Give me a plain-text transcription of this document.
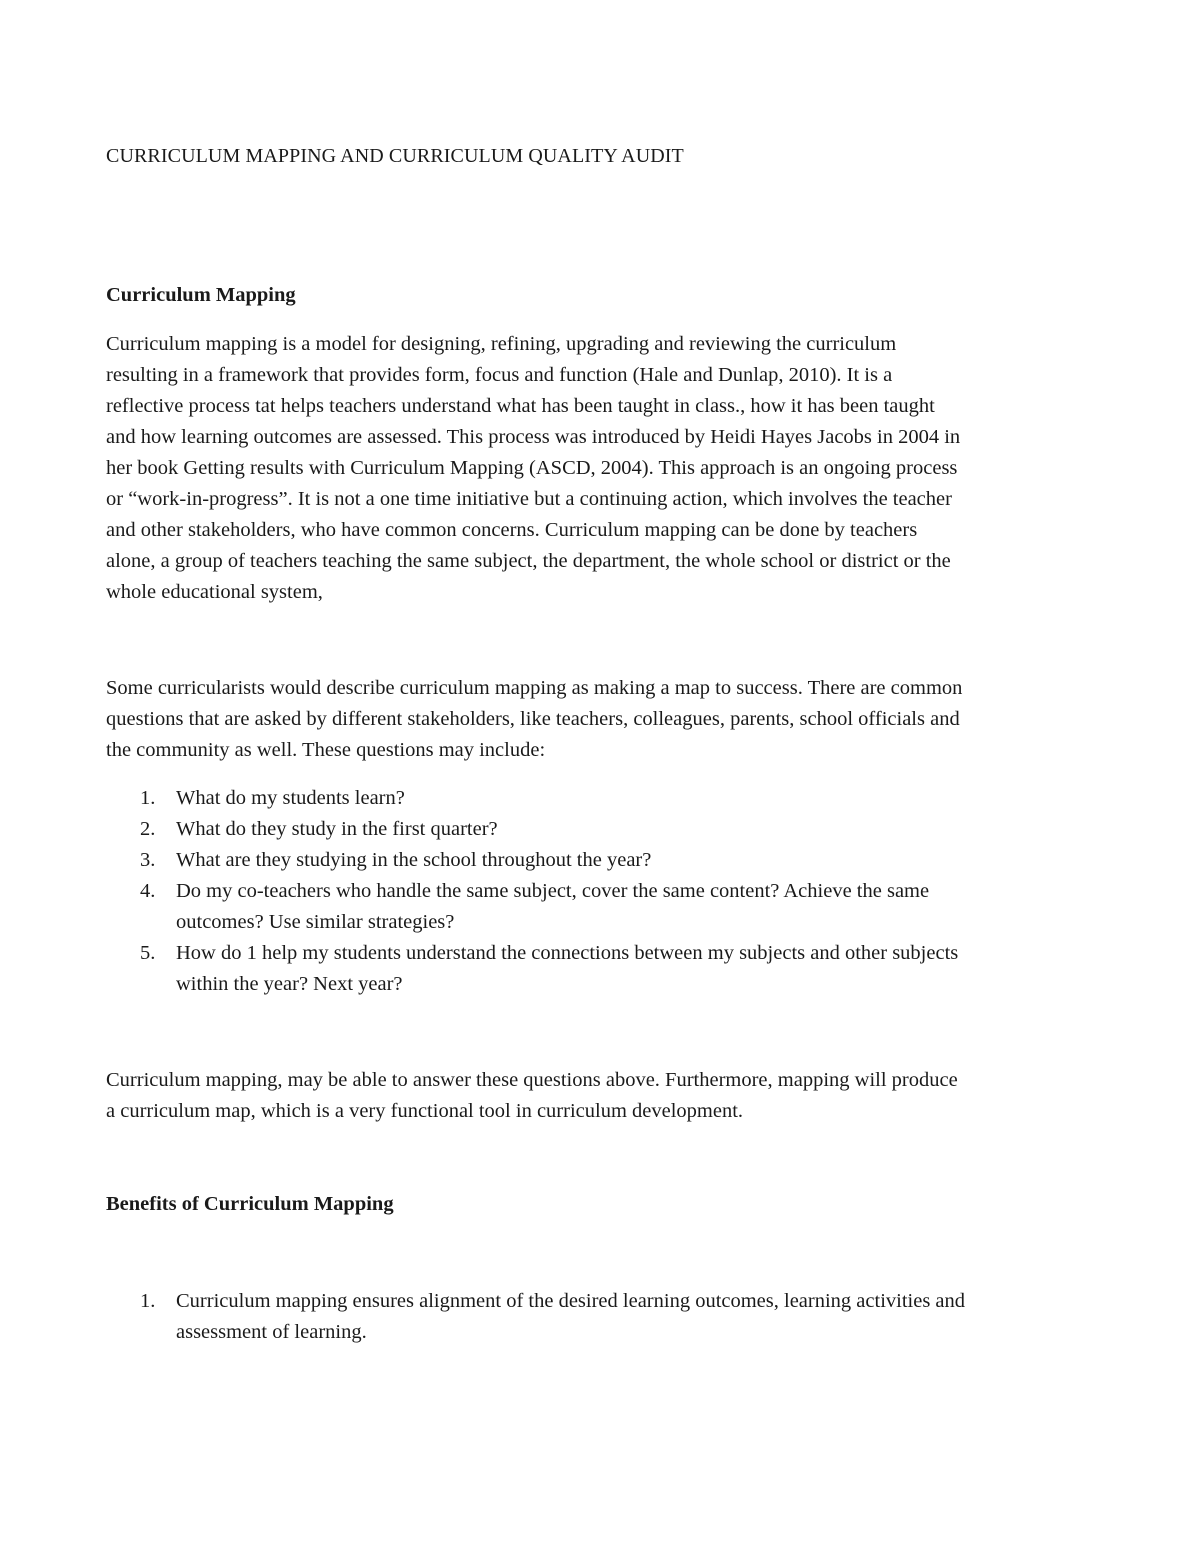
CURRICULUM MAPPING AND CURRICULUM QUALITY AUDIT
Curriculum Mapping

Curriculum mapping is a model for designing, refining, upgrading and reviewing the curriculum
resulting in a framework that provides form, focus and function (Hale and Dunlap, 2010). It is a
reflective process tat helps teachers understand what has been taught in class., how it has been taught
and how learning outcomes are assessed. This process was introduced by Heidi Hayes Jacobs in 2004 in
her book Getting results with Curriculum Mapping (ASCD, 2004). This approach is an ongoing process
or “work-in-progress”. It is not a one time initiative but a continuing action, which involves the teacher
and other stakeholders, who have common concerns. Curriculum mapping can be done by teachers
alone, a group of teachers teaching the same subject, the department, the whole school or district or the
whole educational system,

Some curricularists would describe curriculum mapping as making a map to success. There are common
questions that are asked by different stakeholders, like teachers, colleagues, parents, school officials and
the community as well. These questions may include:

1. What do my students learn?
2. What do they study in the first quarter?
3. What are they studying in the school throughout the year?
4. Do my co-teachers who handle the same subject, cover the same content? Achieve the same
outcomes? Use similar strategies?
5. How do 1 help my students understand the connections between my subjects and other subjects
within the year? Next year?

Curriculum mapping, may be able to answer these questions above. Furthermore, mapping will produce
a curriculum map, which is a very functional tool in curriculum development.

Benefits of Curriculum Mapping
1. Curriculum mapping ensures alignment of the desired learning outcomes, learning activities and
assessment of learning.
